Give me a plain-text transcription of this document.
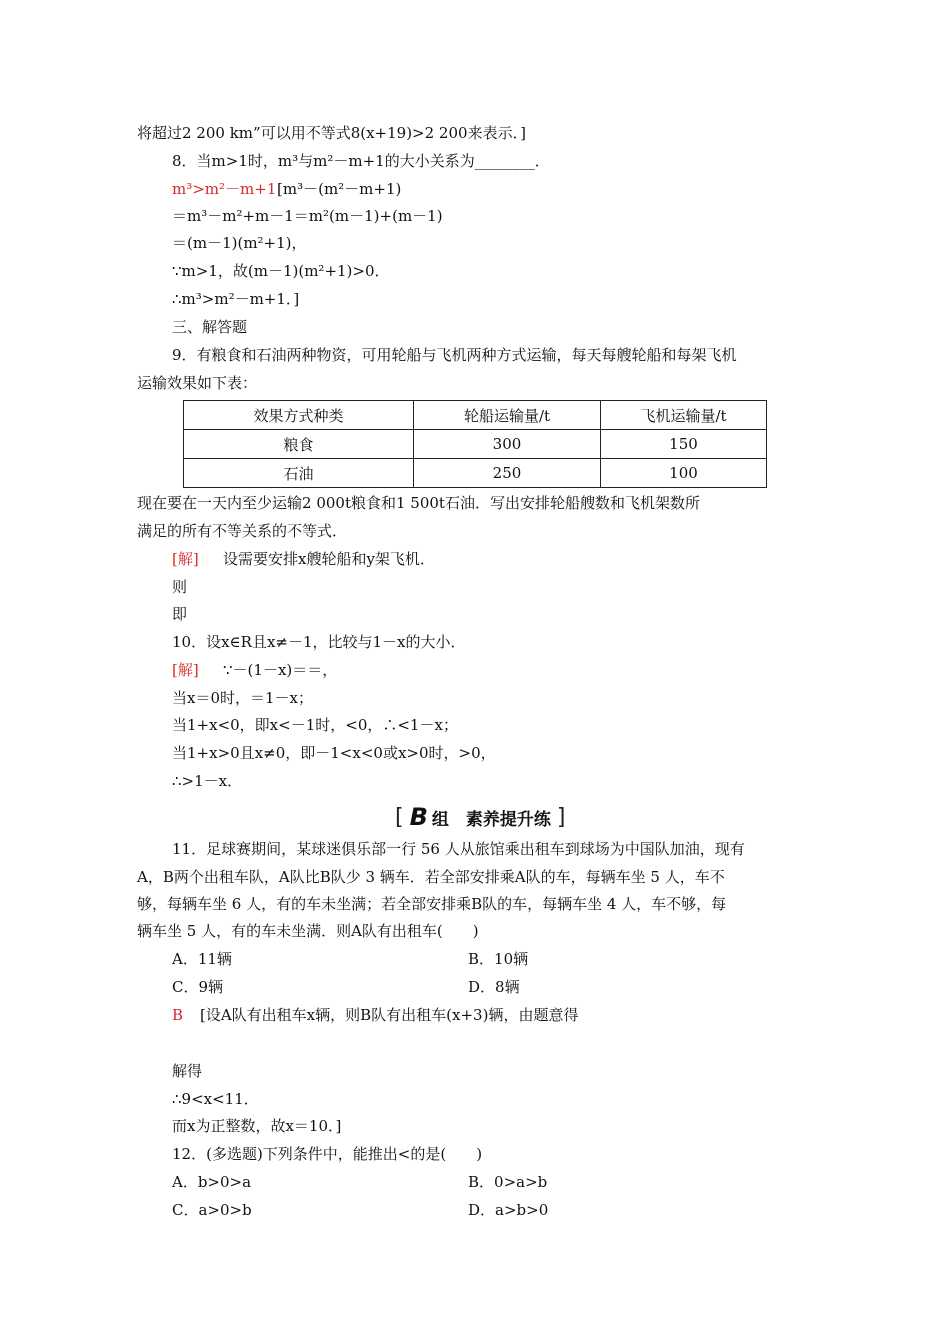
将超过2 200 km”可以用不等式8(x+19)>2 200来表示．]
8．当m>1时，m³与m²－m+1的大小关系为________．
m³>m²－m+1 [m³－(m²－m+1)
＝m³－m²+m－1＝m²(m－1)+(m－1)
＝(m－1)(m²+1)，
∵m>1，故(m－1)(m²+1)>0．
∴m³>m²－m+1．]
三、解答题
9．有粮食和石油两种物资，可用轮船与飞机两种方式运输，每天每艘轮船和每架飞机
运输效果如下表：
效果方式种类	轮船运输量/t	飞机运输量/t
粮食	300	150
石油	250	100
现在要在一天内至少运输2 000t粮食和1 500t石油．写出安排轮船艘数和飞机架数所
满足的所有不等关系的不等式．
[解] 设需要安排x艘轮船和y架飞机．
则
即
10．设x∈R且x≠－1，比较与1－x的大小．
[解] ∵－(1－x)＝＝，
当x＝0时，＝1－x；
当1+x<0，即x<－1时，<0，∴<1－x；
当1+x>0且x≠0，即－1<x<0或x>0时，>0，
∴>1－x．
[ B 组　素养提升练 ]
11．足球赛期间，某球迷俱乐部一行 56 人从旅馆乘出租车到球场为中国队加油，现有
A，B两个出租车队，A队比B队少 3 辆车．若全部安排乘A队的车，每辆车坐 5 人，车不
够，每辆车坐 6 人，有的车未坐满；若全部安排乘B队的车，每辆车坐 4 人，车不够，每
辆车坐 5 人，有的车未坐满．则A队有出租车(　　)
A．11辆	B．10辆
C．9辆	D．8辆
B [设A队有出租车x辆，则B队有出租车(x+3)辆，由题意得
解得
∴9<x<11．
而x为正整数，故x＝10．]
12．(多选题)下列条件中，能推出<的是(　　)
A．b>0>a	B．0>a>b
C．a>0>b	D．a>b>0
